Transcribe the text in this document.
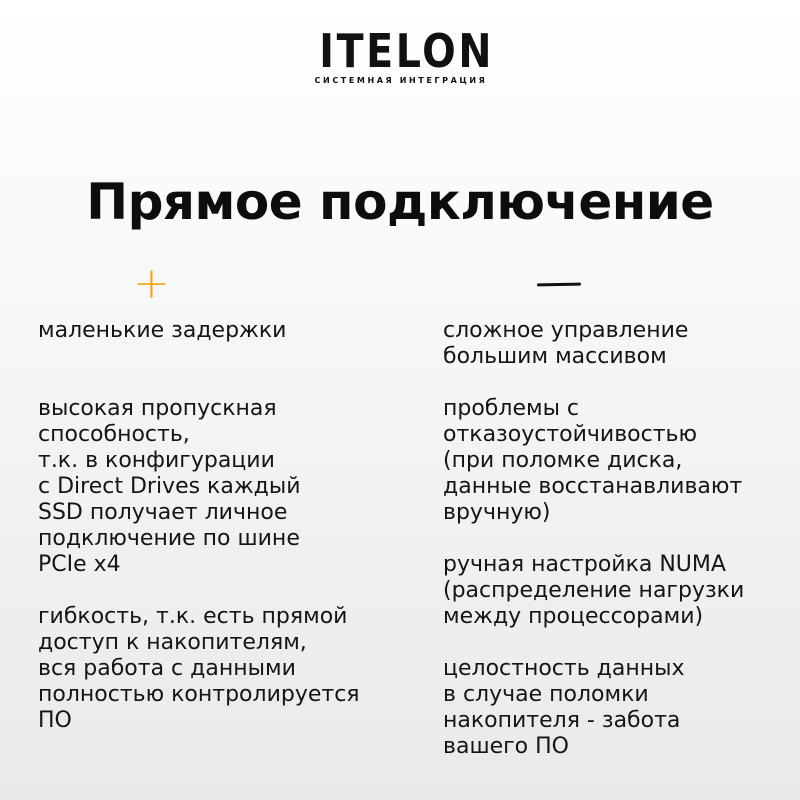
ITELON
СИСТЕМНАЯ ИНТЕГРАЦИЯ
Прямое подключение
+

маленькие задержки

высокая пропускная
способность,
т.к. в конфигурации
с Direct Drives каждый
SSD получает личное
подключение по шине
PCIe x4

гибкость, т.к. есть прямой
доступ к накопителям,
вся работа с данными
полностью контролируется
ПО

сложное управление
большим массивом

проблемы с
отказоустойчивостью
(при поломке диска,
данные восстанавливают
вручную)

ручная настройка NUMA
(распределение нагрузки
между процессорами)

целостность данных
в случае поломки
накопителя - забота
вашего ПО
